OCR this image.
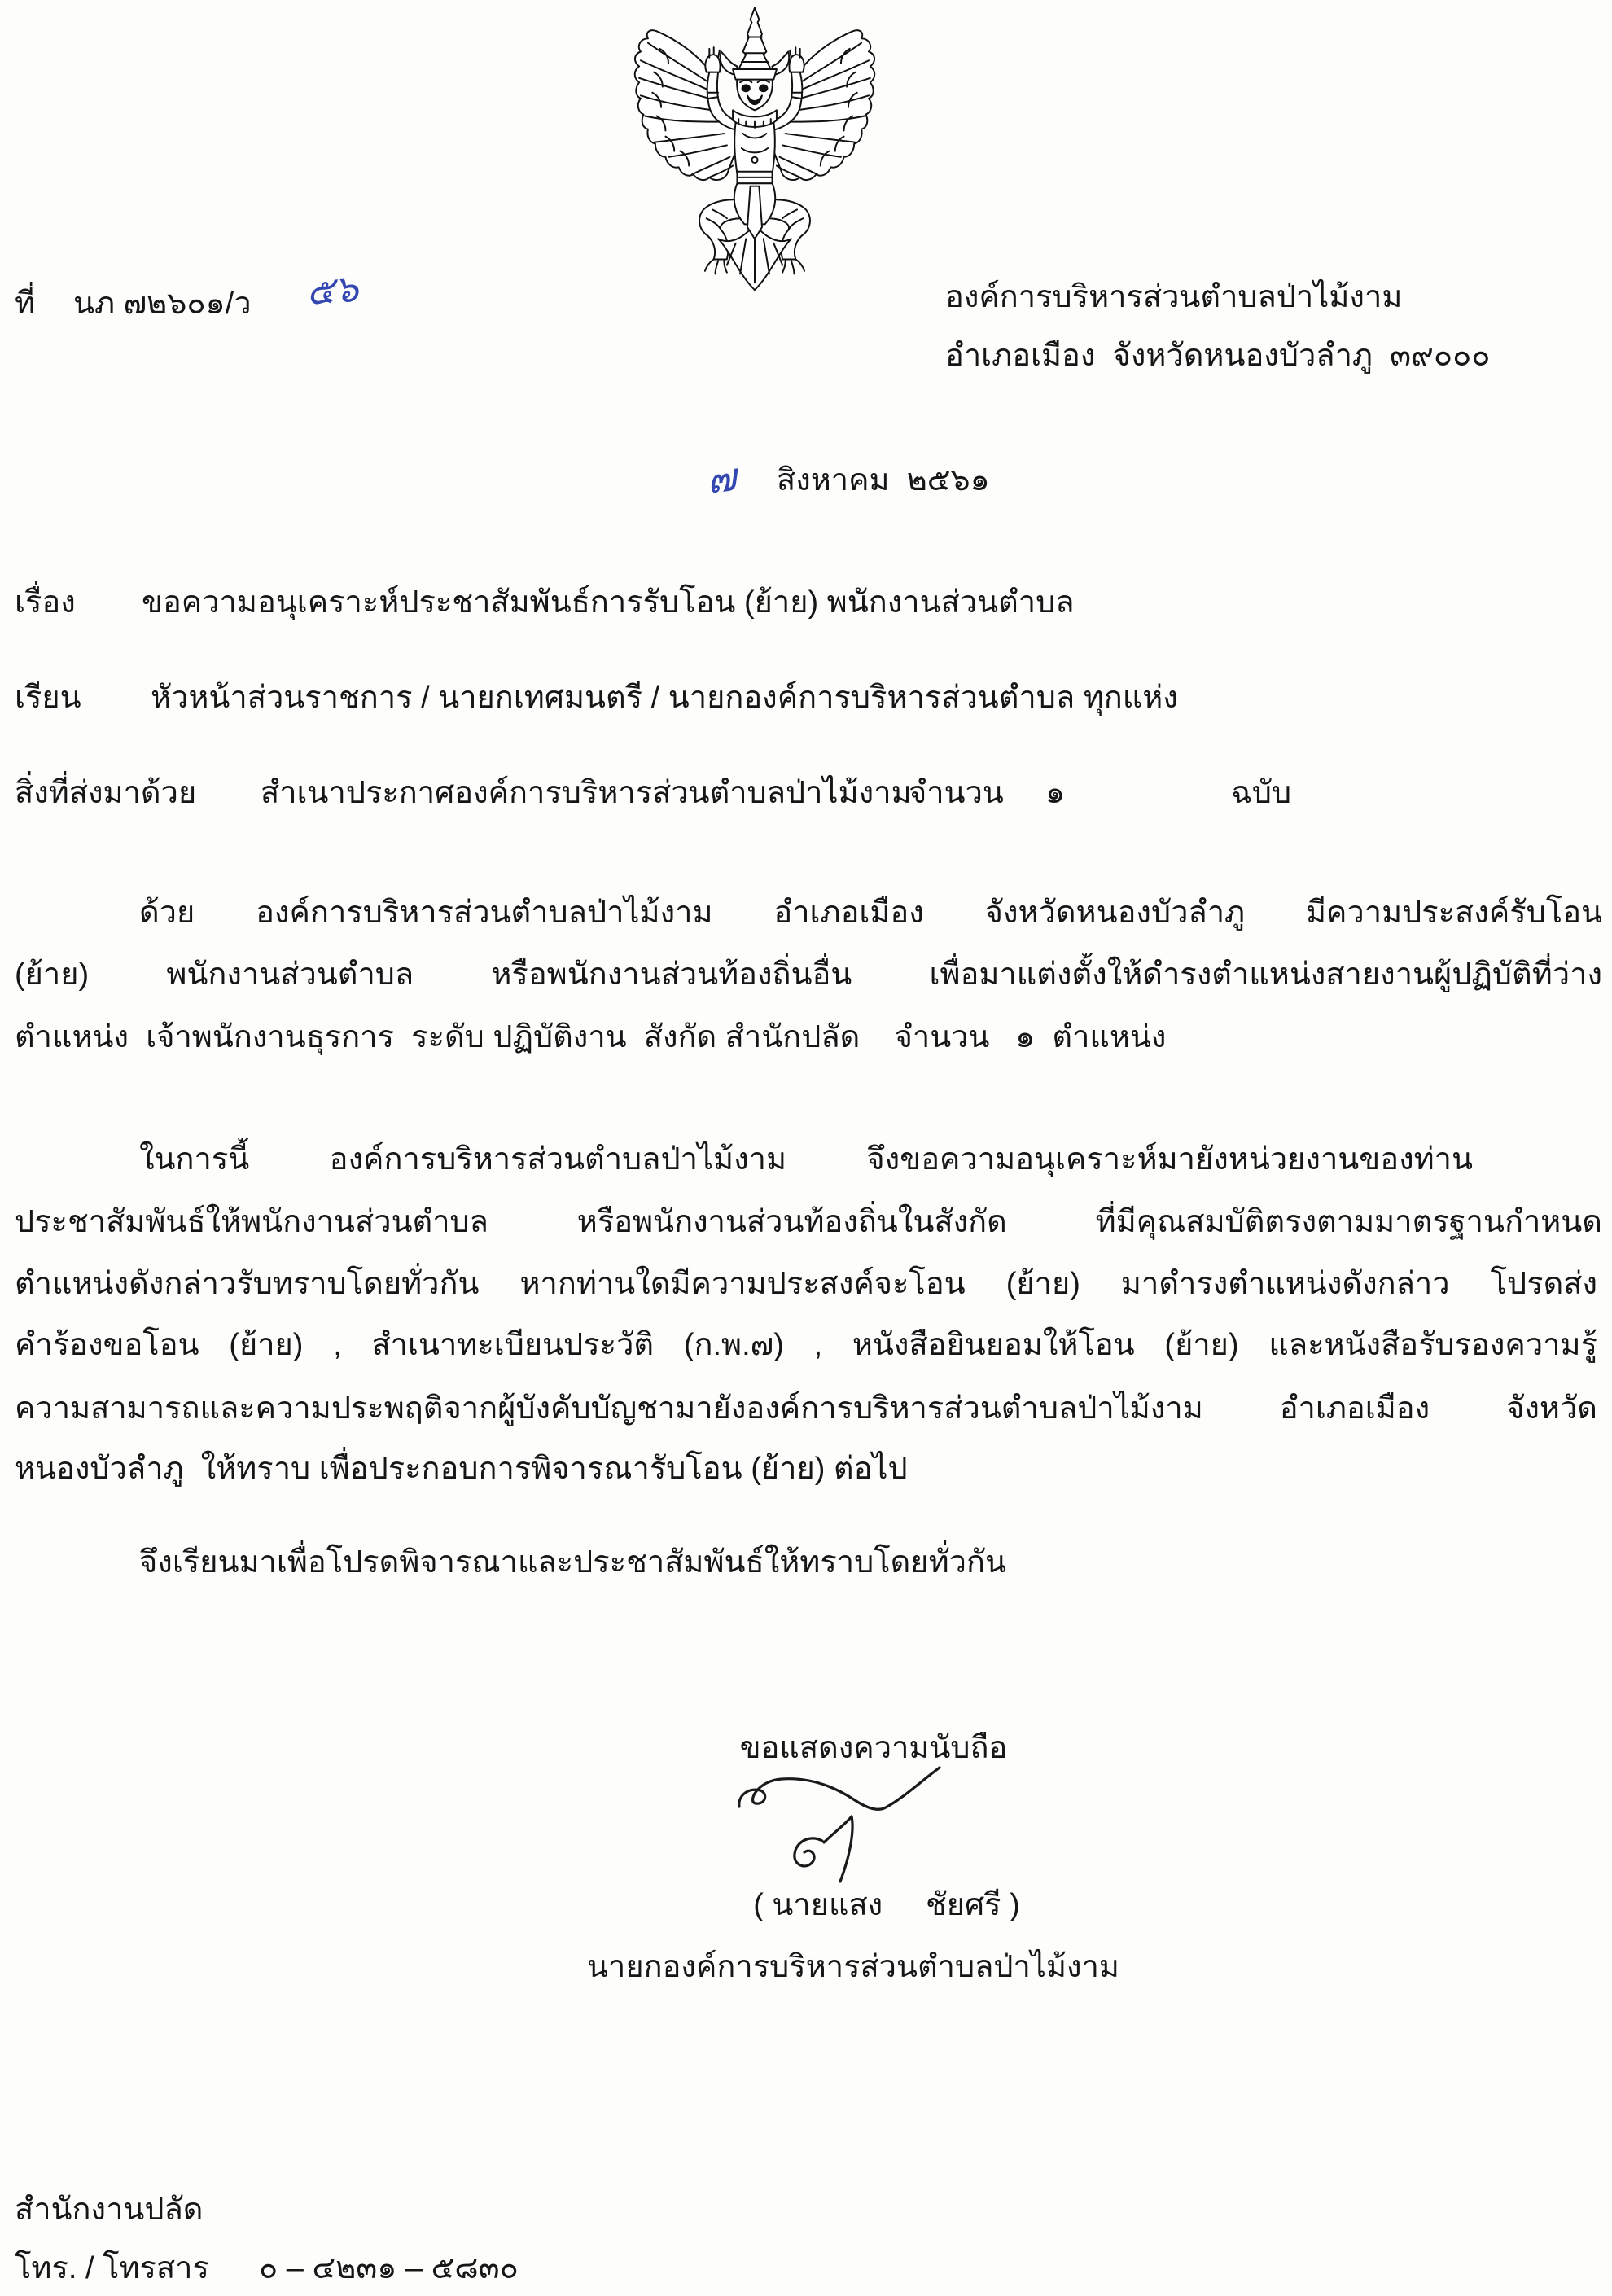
ที่ นภ ๗๒๖๐๑/ว ๕๖	องค์การบริหารส่วนตำบลป่าไม้งาม
อำเภอเมือง  จังหวัดหนองบัวลำภู  ๓๙๐๐๐
๗ สิงหาคม  ๒๕๖๑
เรื่อง ขอความอนุเคราะห์ประชาสัมพันธ์การรับโอน (ย้าย) พนักงานส่วนตำบล
เรียน หัวหน้าส่วนราชการ / นายกเทศมนตรี / นายกองค์การบริหารส่วนตำบล ทุกแห่ง
สิ่งที่ส่งมาด้วย สำเนาประกาศองค์การบริหารส่วนตำบลป่าไม้งาม
จำนวน ๑	ฉบับ
ด้วย องค์การบริหารส่วนตำบลป่าไม้งาม อำเภอเมือง จังหวัดหนองบัวลำภู มีความประสงค์รับโอน
(ย้าย) พนักงานส่วนตำบล หรือพนักงานส่วนท้องถิ่นอื่น เพื่อมาแต่งตั้งให้ดำรงตำแหน่งสายงานผู้ปฏิบัติที่ว่าง
ตำแหน่ง  เจ้าพนักงานธุรการ  ระดับ ปฏิบัติงาน  สังกัด สำนักปลัด    จำนวน   ๑  ตำแหน่ง
ในการนี้ องค์การบริหารส่วนตำบลป่าไม้งาม จึงขอความอนุเคราะห์มายังหน่วยงานของท่าน
ประชาสัมพันธ์ให้พนักงานส่วนตำบล หรือพนักงานส่วนท้องถิ่นในสังกัด ที่มีคุณสมบัติตรงตามมาตรฐานกำหนด
ตำแหน่งดังกล่าวรับทราบโดยทั่วกัน หากท่านใดมีความประสงค์จะโอน (ย้าย) มาดำรงตำแหน่งดังกล่าว โปรดส่ง
คำร้องขอโอน (ย้าย) , สำเนาทะเบียนประวัติ (ก.พ.๗) , หนังสือยินยอมให้โอน (ย้าย) และหนังสือรับรองความรู้
ความสามารถและความประพฤติจากผู้บังคับบัญชามายังองค์การบริหารส่วนตำบลป่าไม้งาม อำเภอเมือง จังหวัด
หนองบัวลำภู  ให้ทราบ เพื่อประกอบการพิจารณารับโอน (ย้าย) ต่อไป
จึงเรียนมาเพื่อโปรดพิจารณาและประชาสัมพันธ์ให้ทราบโดยทั่วกัน
ขอแสดงความนับถือ
( นายแสง     ชัยศรี )
นายกองค์การบริหารส่วนตำบลป่าไม้งาม
สำนักงานปลัด
โทร. / โทรสาร ๐ – ๔๒๓๑ – ๕๘๓๐
